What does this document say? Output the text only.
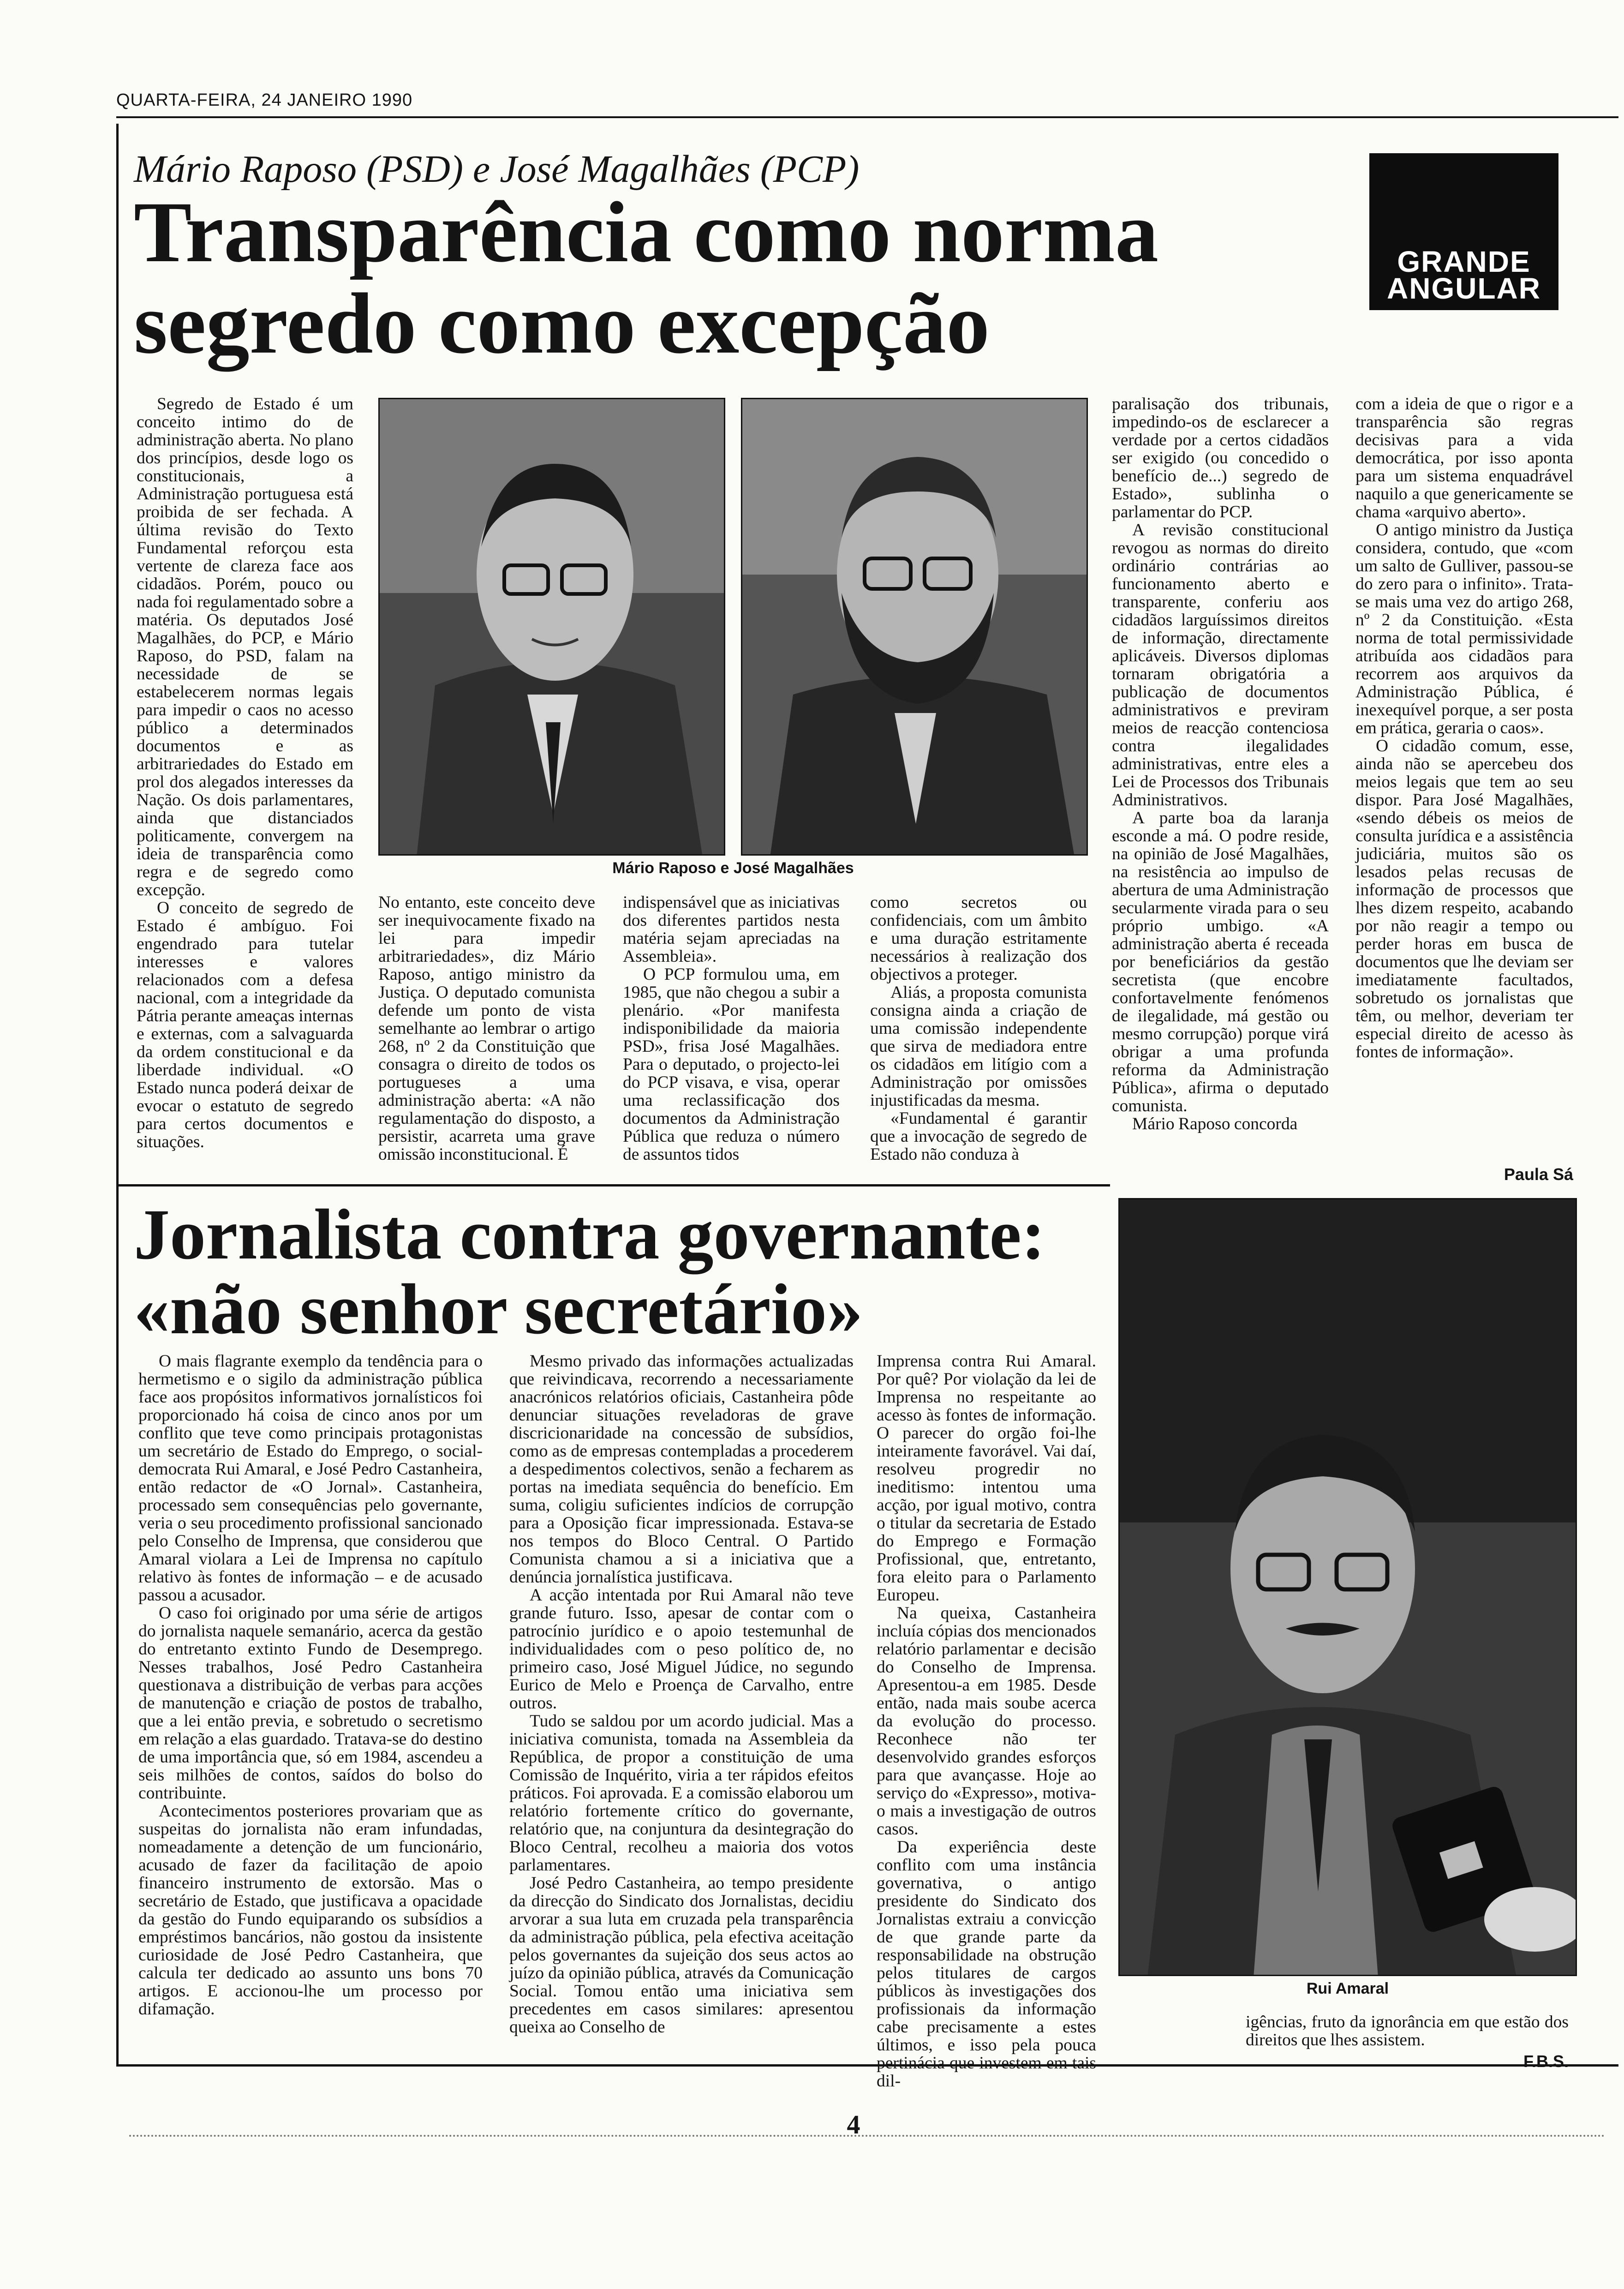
QUARTA-FEIRA, 24 JANEIRO 1990
Mário Raposo (PSD) e José Magalhães (PCP)
Transparência como norma
segredo como excepção
GRANDE
ANGULAR

Segredo de Estado é um conceito intimo do de administração aberta. No plano dos princípios, desde logo os constitucionais, a Administração portuguesa está proibida de ser fechada. A última revisão do Texto Fundamental reforçou esta vertente de clareza face aos cidadãos. Porém, pouco ou nada foi regulamentado sobre a matéria. Os deputados José Magalhães, do PCP, e Mário Raposo, do PSD, falam na necessidade de se estabelecerem normas legais para impedir o caos no acesso público a determinados documentos e as arbitrariedades do Estado em prol dos alegados interesses da Nação. Os dois parlamentares, ainda que distanciados politicamente, convergem na ideia de transparência como regra e de segredo como excepção.

O conceito de segredo de Estado é ambíguo. Foi engendrado para tutelar interesses e valores relacionados com a defesa nacional, com a integridade da Pátria perante ameaças internas e externas, com a salvaguarda da ordem constitucional e da liberdade individual. «O Estado nunca poderá deixar de evocar o estatuto de segredo para certos documentos e situações.

Mário Raposo e José Magalhães

No entanto, este conceito deve ser inequivocamente fixado na lei para impedir arbitrariedades», diz Mário Raposo, antigo ministro da Justiça. O deputado comunista defende um ponto de vista semelhante ao lembrar o artigo 268, nº 2 da Constituição que consagra o direito de todos os portugueses a uma administração aberta: «A não regulamentação do disposto, a persistir, acarreta uma grave omissão inconstitucional. É

indispensável que as iniciativas dos diferentes partidos nesta matéria sejam apreciadas na Assembleia».

O PCP formulou uma, em 1985, que não chegou a subir a plenário. «Por manifesta indisponibilidade da maioria PSD», frisa José Magalhães. Para o deputado, o projecto-lei do PCP visava, e visa, operar uma reclassificação dos documentos da Administração Pública que reduza o número de assuntos tidos

como secretos ou confidenciais, com um âmbito e uma duração estritamente necessários à realização dos objectivos a proteger.

Aliás, a proposta comunista consigna ainda a criação de uma comissão independente que sirva de mediadora entre os cidadãos em litígio com a Administração por omissões injustificadas da mesma.

«Fundamental é garantir que a invocação de segredo de Estado não conduza à

paralisação dos tribunais, impedindo-os de esclarecer a verdade por a certos cidadãos ser exigido (ou concedido o benefício de...) segredo de Estado», sublinha o parlamentar do PCP.

A revisão constitucional revogou as normas do direito ordinário contrárias ao funcionamento aberto e transparente, conferiu aos cidadãos larguíssimos direitos de informação, directamente aplicáveis. Diversos diplomas tornaram obrigatória a publicação de documentos administrativos e previram meios de reacção contenciosa contra ilegalidades administrativas, entre eles a Lei de Processos dos Tribunais Administrativos.

A parte boa da laranja esconde a má. O podre reside, na opinião de José Magalhães, na resistência ao impulso de abertura de uma Administração secularmente virada para o seu próprio umbigo. «A administração aberta é receada por beneficiários da gestão secretista (que encobre confortavelmente fenómenos de ilegalidade, má gestão ou mesmo corrupção) porque virá obrigar a uma profunda reforma da Administração Pública», afirma o deputado comunista.

Mário Raposo concorda

com a ideia de que o rigor e a transparência são regras decisivas para a vida democrática, por isso aponta para um sistema enquadrável naquilo a que genericamente se chama «arquivo aberto».

O antigo ministro da Justiça considera, contudo, que «com um salto de Gulliver, passou-se do zero para o infinito». Trata-se mais uma vez do artigo 268, nº 2 da Constituição. «Esta norma de total permissividade atribuída aos cidadãos para recorrem aos arquivos da Administração Pública, é inexequível porque, a ser posta em prática, geraria o caos».

O cidadão comum, esse, ainda não se apercebeu dos meios legais que tem ao seu dispor. Para José Magalhães, «sendo débeis os meios de consulta jurídica e a assistência judiciária, muitos são os lesados pelas recusas de informação de processos que lhes dizem respeito, acabando por não reagir a tempo ou perder horas em busca de documentos que lhe deviam ser imediatamente facultados, sobretudo os jornalistas que têm, ou melhor, deveriam ter especial direito de acesso às fontes de informação».

Paula Sá
Jornalista contra governante:
«não senhor secretário»

O mais flagrante exemplo da tendência para o hermetismo e o sigilo da administração pública face aos propósitos informativos jornalísticos foi proporcionado há coisa de cinco anos por um conflito que teve como principais protagonistas um secretário de Estado do Emprego, o social-democrata Rui Amaral, e José Pedro Castanheira, então redactor de «O Jornal». Castanheira, processado sem consequências pelo governante, veria o seu procedimento profissional sancionado pelo Conselho de Imprensa, que considerou que Amaral violara a Lei de Imprensa no capítulo relativo às fontes de informação – e de acusado passou a acusador.

O caso foi originado por uma série de artigos do jornalista naquele semanário, acerca da gestão do entretanto extinto Fundo de Desemprego. Nesses trabalhos, José Pedro Castanheira questionava a distribuição de verbas para acções de manutenção e criação de postos de trabalho, que a lei então previa, e sobretudo o secretismo em relação a elas guardado. Tratava-se do destino de uma importância que, só em 1984, ascendeu a seis milhões de contos, saídos do bolso do contribuinte.

Acontecimentos posteriores provariam que as suspeitas do jornalista não eram infundadas, nomeadamente a detenção de um funcionário, acusado de fazer da facilitação de apoio financeiro instrumento de extorsão. Mas o secretário de Estado, que justificava a opacidade da gestão do Fundo equiparando os subsídios a empréstimos bancários, não gostou da insistente curiosidade de José Pedro Castanheira, que calcula ter dedicado ao assunto uns bons 70 artigos. E accionou-lhe um processo por difamação.

Mesmo privado das informações actualizadas que reivindicava, recorrendo a necessariamente anacrónicos relatórios oficiais, Castanheira pôde denunciar situações reveladoras de grave discricionaridade na concessão de subsídios, como as de empresas contempladas a procederem a despedimentos colectivos, senão a fecharem as portas na imediata sequência do benefício. Em suma, coligiu suficientes indícios de corrupção para a Oposição ficar impressionada. Estava-se nos tempos do Bloco Central. O Partido Comunista chamou a si a iniciativa que a denúncia jornalística justificava.

A acção intentada por Rui Amaral não teve grande futuro. Isso, apesar de contar com o patrocínio jurídico e o apoio testemunhal de individualidades com o peso político de, no primeiro caso, José Miguel Júdice, no segundo Eurico de Melo e Proença de Carvalho, entre outros.

Tudo se saldou por um acordo judicial. Mas a iniciativa comunista, tomada na Assembleia da República, de propor a constituição de uma Comissão de Inquérito, viria a ter rápidos efeitos práticos. Foi aprovada. E a comissão elaborou um relatório fortemente crítico do governante, relatório que, na conjuntura da desintegração do Bloco Central, recolheu a maioria dos votos parlamentares.

José Pedro Castanheira, ao tempo presidente da direcção do Sindicato dos Jornalistas, decidiu arvorar a sua luta em cruzada pela transparência da administração pública, pela efectiva aceitação pelos governantes da sujeição dos seus actos ao juízo da opinião pública, através da Comunicação Social. Tomou então uma iniciativa sem precedentes em casos similares: apresentou queixa ao Conselho de

Imprensa contra Rui Amaral. Por quê? Por violação da lei de Imprensa no respeitante ao acesso às fontes de informação. O parecer do orgão foi-lhe inteiramente favorável. Vai daí, resolveu progredir no ineditismo: intentou uma acção, por igual motivo, contra o titular da secretaria de Estado do Emprego e Formação Profissional, que, entretanto, fora eleito para o Parlamento Europeu.

Na queixa, Castanheira incluía cópias dos mencionados relatório parlamentar e decisão do Conselho de Imprensa. Apresentou-a em 1985. Desde então, nada mais soube acerca da evolução do processo. Reconhece não ter desenvolvido grandes esforços para que avançasse. Hoje ao serviço do «Expresso», motiva-o mais a investigação de outros casos.

Da experiência deste conflito com uma instância governativa, o antigo presidente do Sindicato dos Jornalistas extraiu a convicção de que grande parte da responsabilidade na obstrução pelos titulares de cargos públicos às investigações dos profissionais da informação cabe precisamente a estes últimos, e isso pela pouca pertinácia que investem em tais dil-

Rui Amaral

igências, fruto da ignorância em que estão dos direitos que lhes assistem.

F.B.S.
4
